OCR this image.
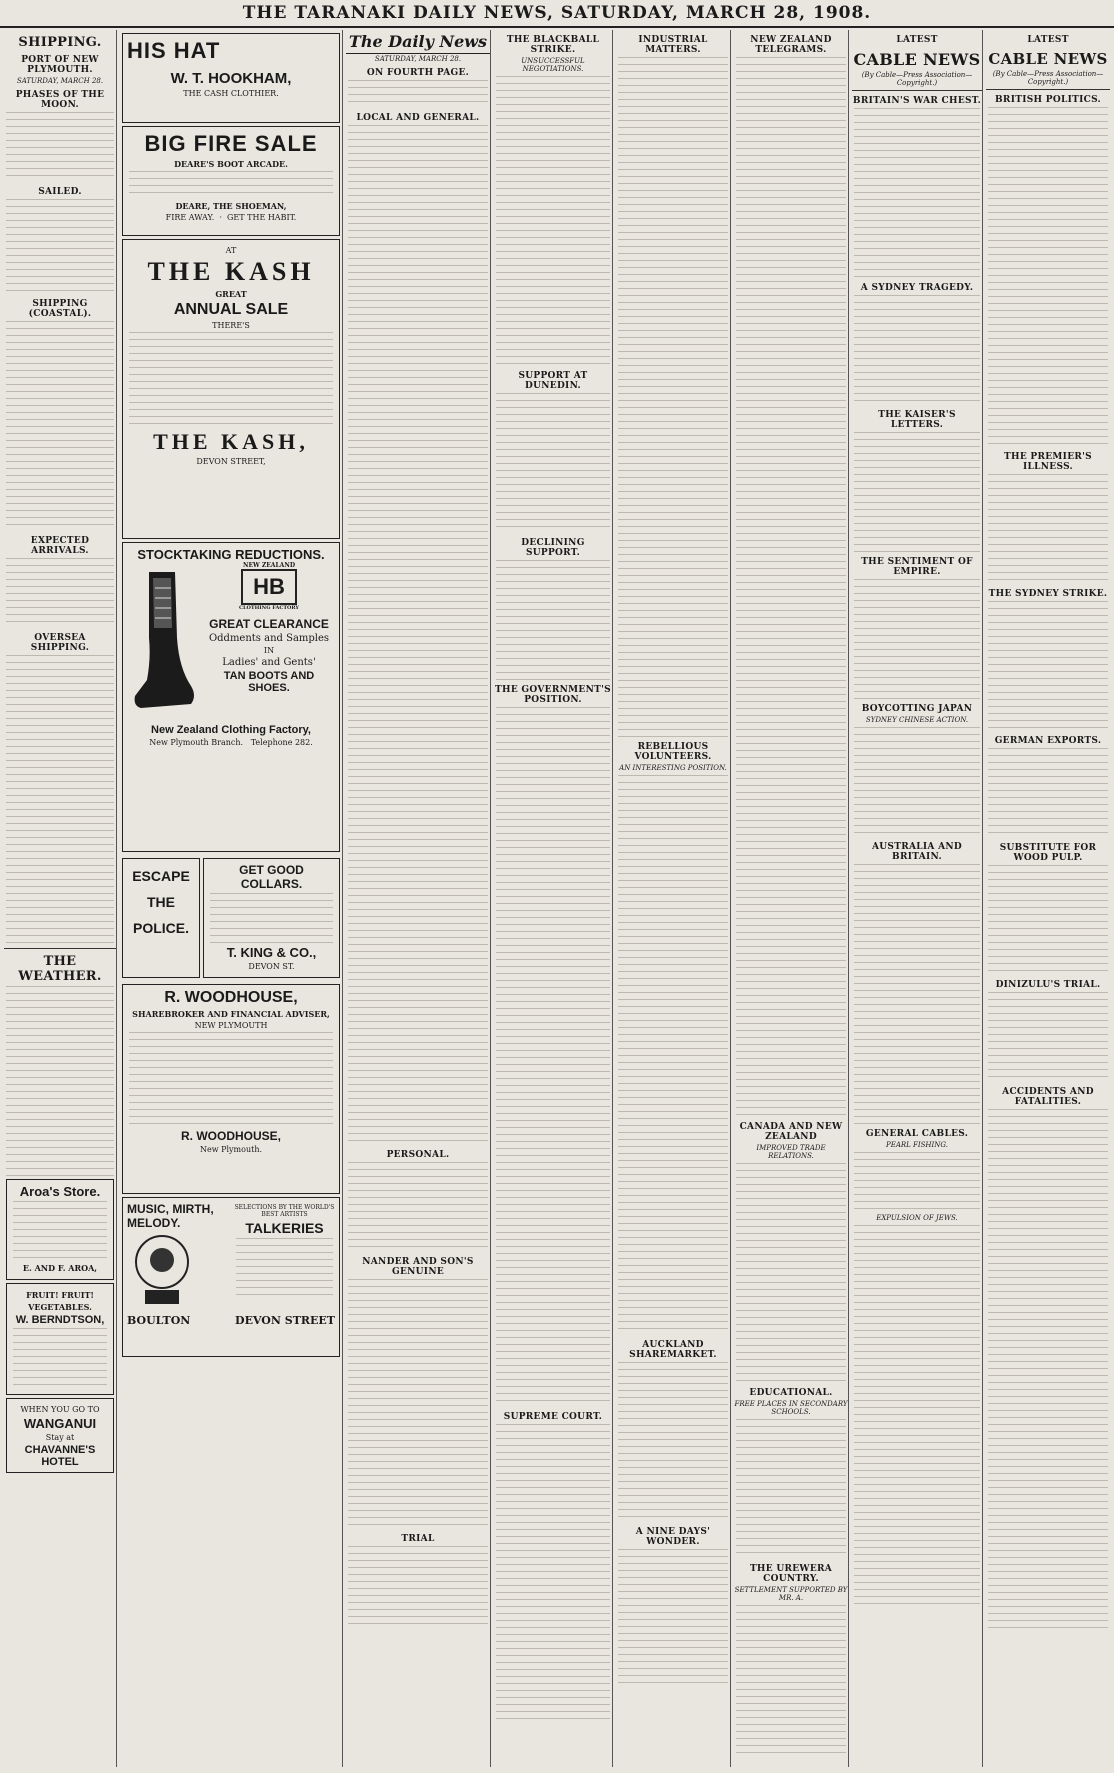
THE TARANAKI DAILY NEWS, SATURDAY, MARCH 28, 1908.
SHIPPING.
PORT OF NEW PLYMOUTH.
SATURDAY, MARCH 28.
PHASES OF THE MOON.
SAILED.
SHIPPING (COASTAL).
EXPECTED ARRIVALS.
OVERSEA SHIPPING.
THE WEATHER.
Aroa's Store.
E. AND F. AROA,
FRUIT! FRUIT!
VEGETABLES.
W. BERNDTSON,
WHEN YOU GO TO
WANGANUI
Stay at
CHAVANNE'S HOTEL
HIS HAT
W. T. HOOKHAM,
THE CASH CLOTHIER.
BIG FIRE SALE
DEARE'S BOOT ARCADE.
DEARE, THE SHOEMAN,
FIRE AWAY.  ·  GET THE HABIT.
AT
THE KASH
GREAT
ANNUAL SALE
THERE'S
THE KASH,
DEVON STREET,
STOCKTAKING REDUCTIONS.
NEW ZEALAND
HB
CLOTHING FACTORY
GREAT CLEARANCE
Oddments and Samples
IN
Ladies' and Gents'
TAN BOOTS AND SHOES.
New Zealand Clothing Factory,
New Plymouth Branch. Telephone 282.
ESCAPE THE POLICE.
GET GOOD COLLARS.
T. KING & CO.,
DEVON ST.
R. WOODHOUSE,
SHAREBROKER AND FINANCIAL ADVISER,
NEW PLYMOUTH
R. WOODHOUSE,
New Plymouth.
MUSIC, MIRTH, MELODY.
SELECTIONS BY THE WORLD'S BEST ARTISTS
TALKERIES
BOULTON	DEVON STREET
The Daily News
SATURDAY, MARCH 28.
ON FOURTH PAGE.
LOCAL AND GENERAL.
PERSONAL.
NANDER AND SON'S GENUINE
TRIAL
THE BLACKBALL STRIKE.
UNSUCCESSFUL NEGOTIATIONS.
SUPPORT AT DUNEDIN.
DECLINING SUPPORT.
THE GOVERNMENT'S POSITION.
SUPREME COURT.
INDUSTRIAL MATTERS.
REBELLIOUS VOLUNTEERS.
AN INTERESTING POSITION.
AUCKLAND SHAREMARKET.
A NINE DAYS' WONDER.
NEW ZEALAND TELEGRAMS.
CANADA AND NEW ZEALAND
IMPROVED TRADE RELATIONS.
EDUCATIONAL.
FREE PLACES IN SECONDARY SCHOOLS.
THE UREWERA COUNTRY.
SETTLEMENT SUPPORTED BY MR. A.
LATEST
CABLE NEWS
(By Cable—Press Association—Copyright.)
BRITAIN'S WAR CHEST.
A SYDNEY TRAGEDY.
THE KAISER'S LETTERS.
THE SENTIMENT OF EMPIRE.
BOYCOTTING JAPAN
SYDNEY CHINESE ACTION.
AUSTRALIA AND BRITAIN.
GENERAL CABLES.
PEARL FISHING.
EXPULSION OF JEWS.
LATEST
CABLE NEWS
(By Cable—Press Association—Copyright.)
BRITISH POLITICS.
THE PREMIER'S ILLNESS.
THE SYDNEY STRIKE.
GERMAN EXPORTS.
SUBSTITUTE FOR WOOD PULP.
DINIZULU'S TRIAL.
ACCIDENTS AND FATALITIES.
